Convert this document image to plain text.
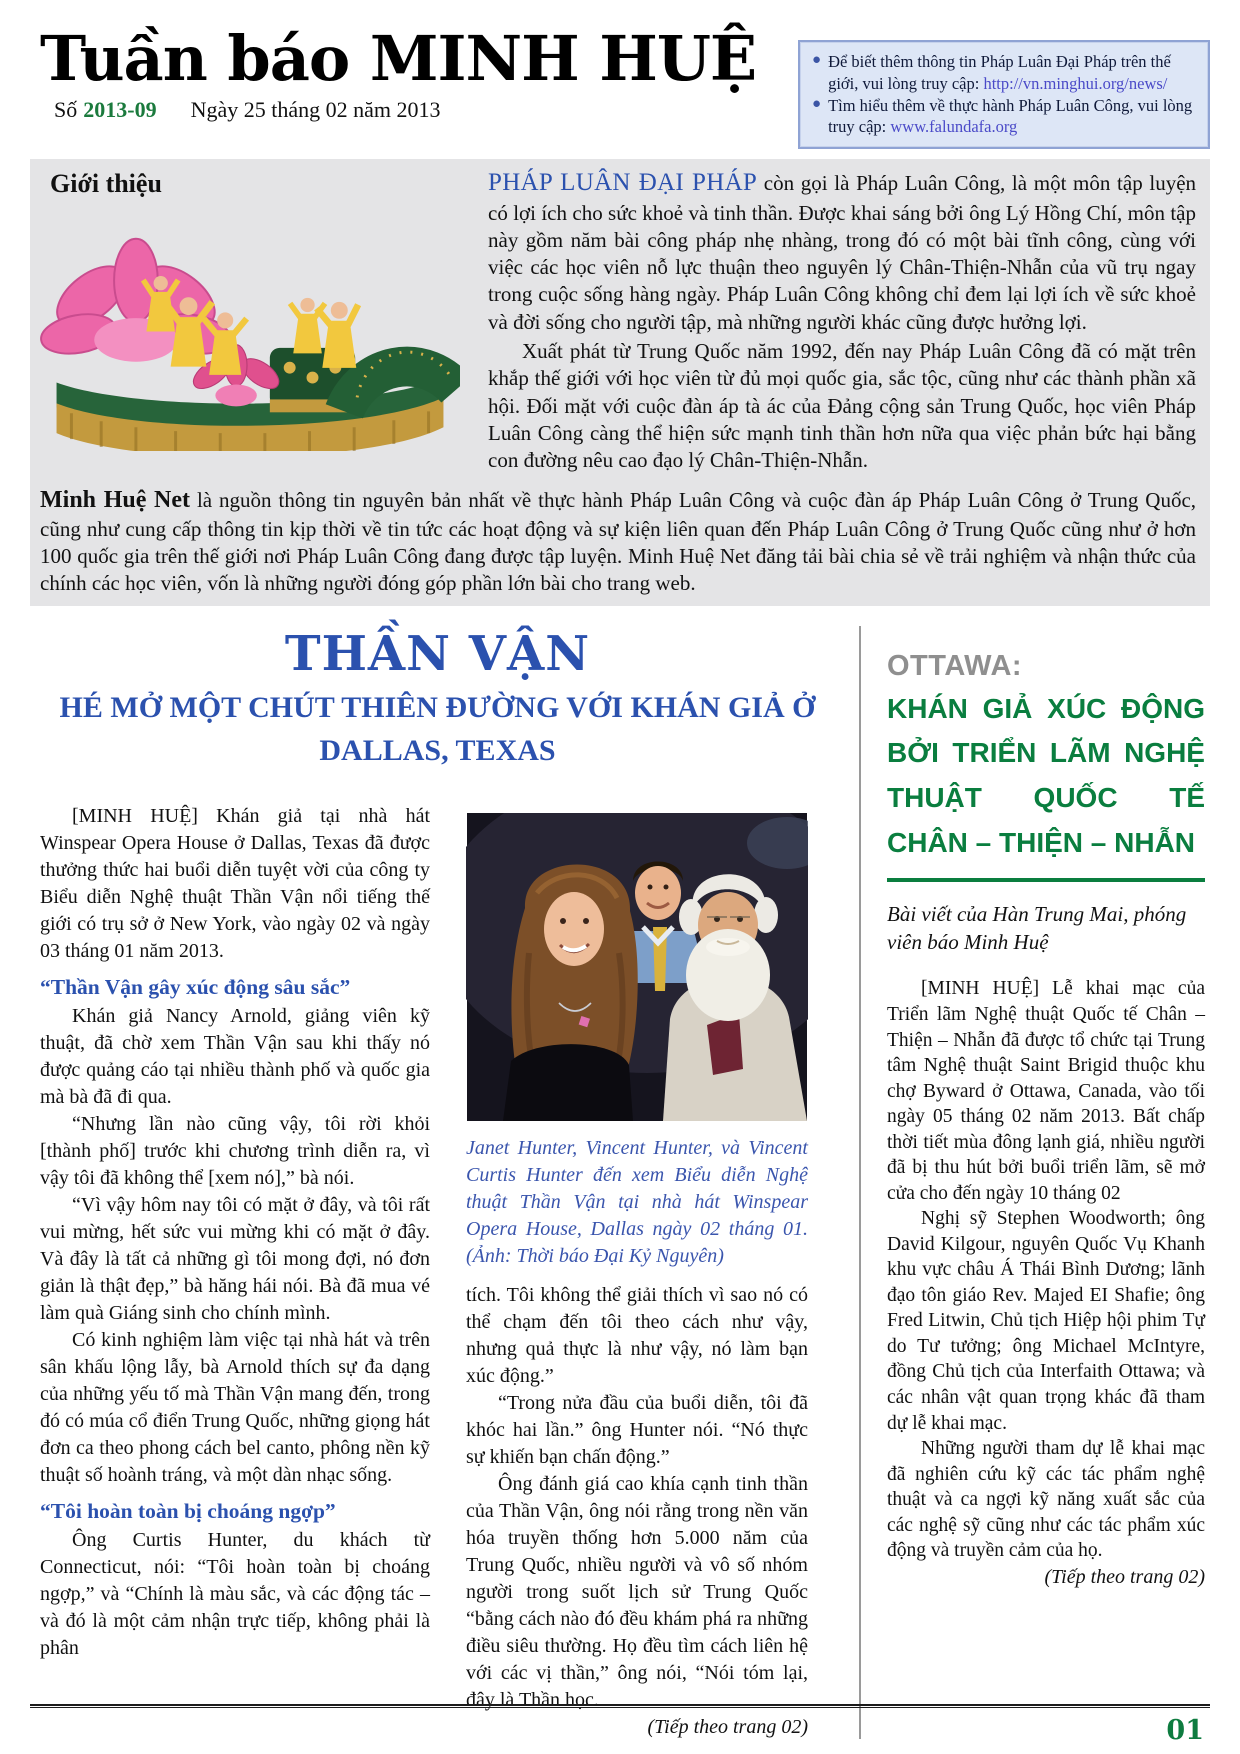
Tuần báo MINH HUỆ
Số 2013-09 Ngày 25 tháng 02 năm 2013
● Để biết thêm thông tin Pháp Luân Đại Pháp trên thế giới, vui lòng truy cập: http://vn.minghui.org/news/
● Tìm hiểu thêm về thực hành Pháp Luân Công, vui lòng truy cập: www.falundafa.org
Giới thiệu	PHÁP LUÂN ĐẠI PHÁP còn gọi là Pháp Luân Công, là một môn tập luyện có lợi ích cho sức khoẻ và tinh thần. Được khai sáng bởi ông Lý Hồng Chí, môn tập này gồm năm bài công pháp nhẹ nhàng, trong đó có một bài tĩnh công, cùng với việc các học viên nỗ lực thuận theo nguyên lý Chân-Thiện-Nhẫn của vũ trụ ngay trong cuộc sống hàng ngày. Pháp Luân Công không chỉ đem lại lợi ích về sức khoẻ và đời sống cho người tập, mà những người khác cũng được hưởng lợi.

Xuất phát từ Trung Quốc năm 1992, đến nay Pháp Luân Công đã có mặt trên khắp thế giới với học viên từ đủ mọi quốc gia, sắc tộc, cũng như các thành phần xã hội. Đối mặt với cuộc đàn áp tà ác của Đảng cộng sản Trung Quốc, học viên Pháp Luân Công càng thể hiện sức mạnh tinh thần hơn nữa qua việc phản bức hại bằng con đường nêu cao đạo lý Chân-Thiện-Nhẫn.

Minh Huệ Net là nguồn thông tin nguyên bản nhất về thực hành Pháp Luân Công và cuộc đàn áp Pháp Luân Công ở Trung Quốc, cũng như cung cấp thông tin kịp thời về tin tức các hoạt động và sự kiện liên quan đến Pháp Luân Công ở Trung Quốc cũng như ở hơn 100 quốc gia trên thế giới nơi Pháp Luân Công đang được tập luyện. Minh Huệ Net đăng tải bài chia sẻ về trải nghiệm và nhận thức của chính các học viên, vốn là những người đóng góp phần lớn bài cho trang web.

THẦN VẬN
HÉ MỞ MỘT CHÚT THIÊN ĐƯỜNG VỚI KHÁN GIẢ Ở DALLAS, TEXAS

[MINH HUỆ] Khán giả tại nhà hát Winspear Opera House ở Dallas, Texas đã được thưởng thức hai buổi diễn tuyệt vời của công ty Biểu diễn Nghệ thuật Thần Vận nổi tiếng thế giới có trụ sở ở New York, vào ngày 02 và ngày 03 tháng 01 năm 2013.

“Thần Vận gây xúc động sâu sắc”

Khán giả Nancy Arnold, giảng viên kỹ thuật, đã chờ xem Thần Vận sau khi thấy nó được quảng cáo tại nhiều thành phố và quốc gia mà bà đã đi qua.

“Nhưng lần nào cũng vậy, tôi rời khỏi [thành phố] trước khi chương trình diễn ra, vì vậy tôi đã không thể [xem nó],” bà nói.

“Vì vậy hôm nay tôi có mặt ở đây, và tôi rất vui mừng, hết sức vui mừng khi có mặt ở đây. Và đây là tất cả những gì tôi mong đợi, nó đơn giản là thật đẹp,” bà hăng hái nói. Bà đã mua vé làm quà Giáng sinh cho chính mình.

Có kinh nghiệm làm việc tại nhà hát và trên sân khấu lộng lẫy, bà Arnold thích sự đa dạng của những yếu tố mà Thần Vận mang đến, trong đó có múa cổ điển Trung Quốc, những giọng hát đơn ca theo phong cách bel canto, phông nền kỹ thuật số hoành tráng, và một dàn nhạc sống.

“Tôi hoàn toàn bị choáng ngợp”

Ông Curtis Hunter, du khách từ Connecticut, nói: “Tôi hoàn toàn bị choáng ngợp,” và “Chính là màu sắc, và các động tác – và đó là một cảm nhận trực tiếp, không phải là phân

Janet Hunter, Vincent Hunter, và Vincent Curtis Hunter đến xem Biểu diễn Nghệ thuật Thần Vận tại nhà hát Winspear Opera House, Dallas ngày 02 tháng 01. (Ảnh: Thời báo Đại Kỷ Nguyên)

tích. Tôi không thể giải thích vì sao nó có thể chạm đến tôi theo cách như vậy, nhưng quả thực là như vậy, nó làm bạn xúc động.”

“Trong nửa đầu của buổi diễn, tôi đã khóc hai lần.” ông Hunter nói. “Nó thực sự khiến bạn chấn động.”

Ông đánh giá cao khía cạnh tinh thần của Thần Vận, ông nói rằng trong nền văn hóa truyền thống hơn 5.000 năm của Trung Quốc, nhiều người và vô số nhóm người trong suốt lịch sử Trung Quốc “bằng cách nào đó đều khám phá ra những điều siêu thường. Họ đều tìm cách liên hệ với các vị thần,” ông nói, “Nói tóm lại, đây là Thần học.

(Tiếp theo trang 02)

OTTAWA:
KHÁN GIẢ XÚC ĐỘNG BỞI TRIỂN LÃM NGHỆ THUẬT QUỐC TẾ CHÂN – THIỆN – NHẪN
Bài viết của Hàn Trung Mai, phóng viên báo Minh Huệ

[MINH HUỆ] Lễ khai mạc của Triển lãm Nghệ thuật Quốc tế Chân – Thiện – Nhẫn đã được tổ chức tại Trung tâm Nghệ thuật Saint Brigid thuộc khu chợ Byward ở Ottawa, Canada, vào tối ngày 05 tháng 02 năm 2013. Bất chấp thời tiết mùa đông lạnh giá, nhiều người đã bị thu hút bởi buổi triển lãm, sẽ mở cửa cho đến ngày 10 tháng 02

Nghị sỹ Stephen Woodworth; ông David Kilgour, nguyên Quốc Vụ Khanh khu vực châu Á Thái Bình Dương; lãnh đạo tôn giáo Rev. Majed EI Shafie; ông Fred Litwin, Chủ tịch Hiệp hội phim Tự do Tư tưởng; ông Michael McIntyre, đồng Chủ tịch của Interfaith Ottawa; và các nhân vật quan trọng khác đã tham dự lễ khai mạc.

Những người tham dự lễ khai mạc đã nghiên cứu kỹ các tác phẩm nghệ thuật và ca ngợi kỹ năng xuất sắc của các nghệ sỹ cũng như các tác phẩm xúc động và truyền cảm của họ.

(Tiếp theo trang 02)

01
